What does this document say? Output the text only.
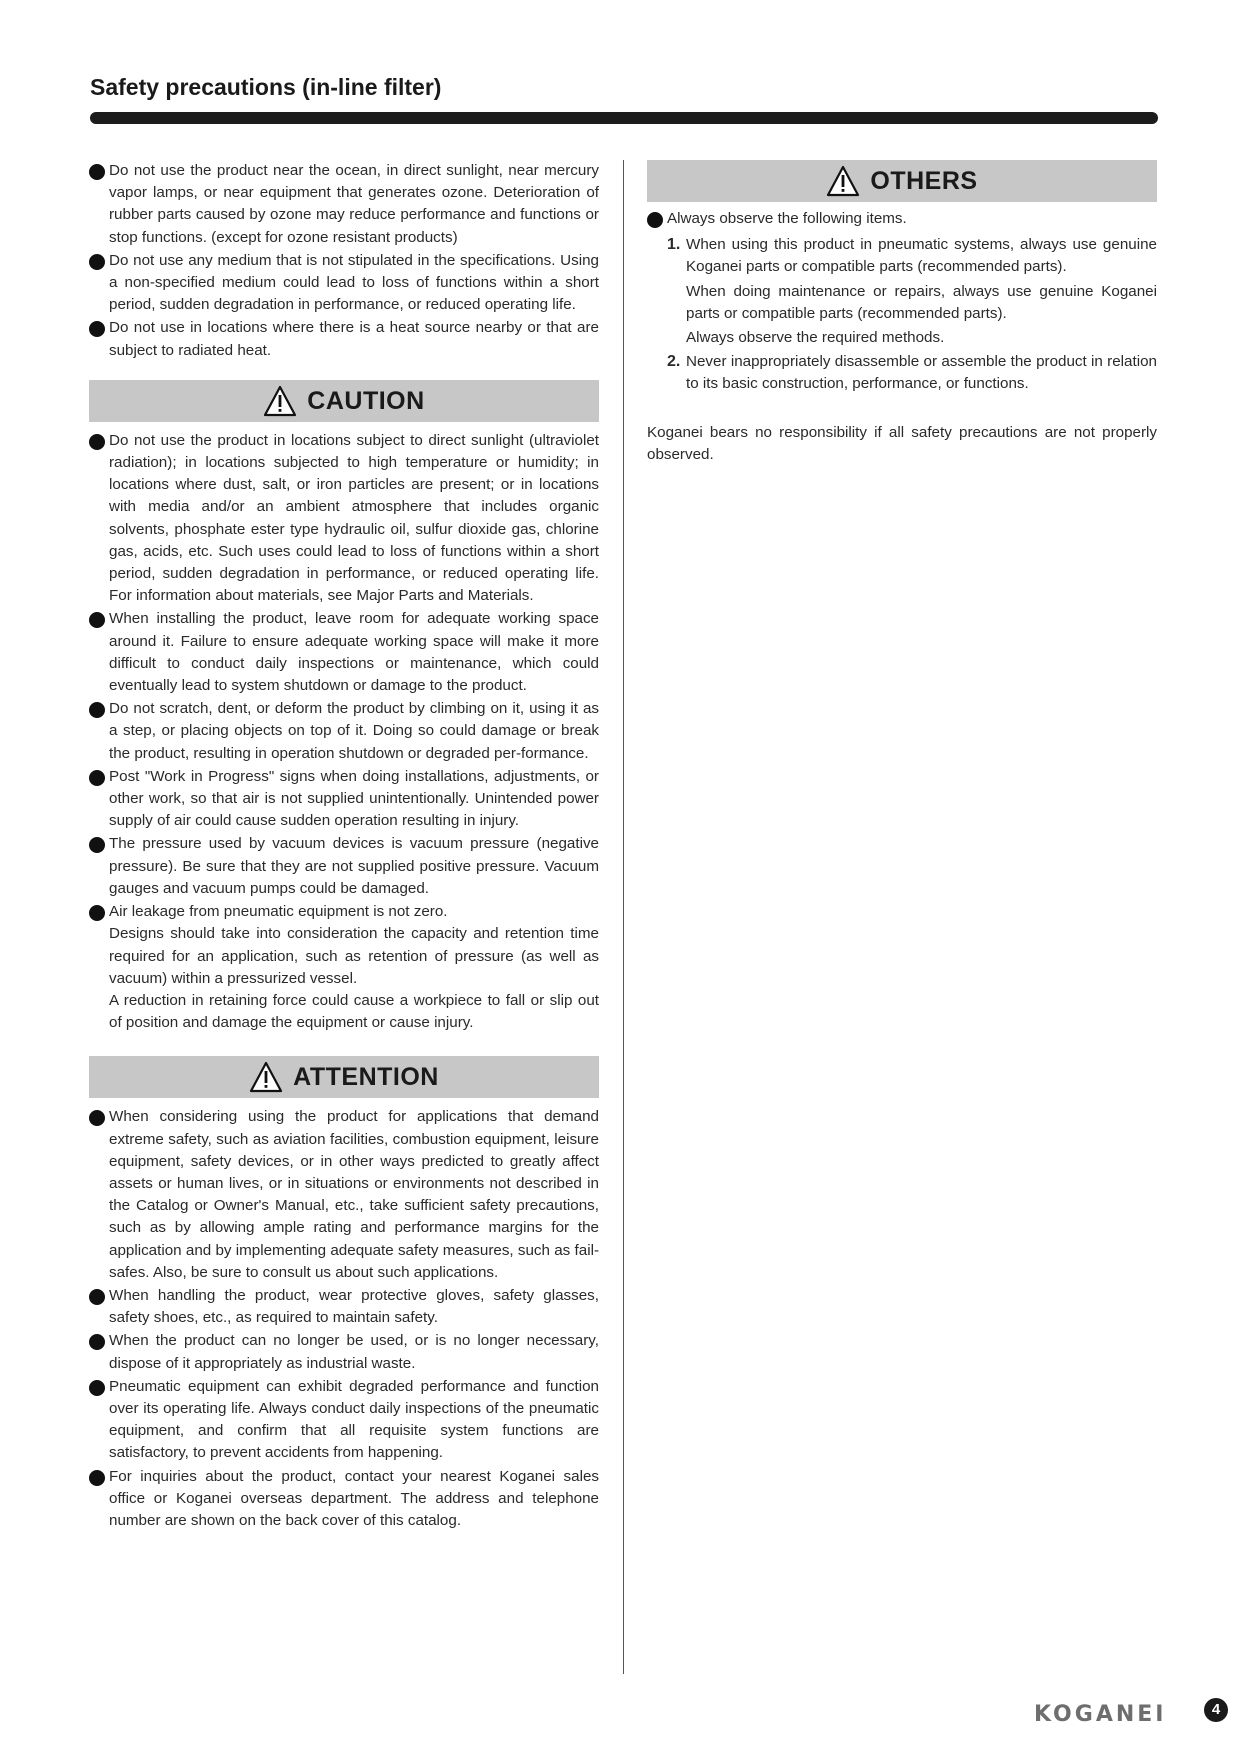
Safety precautions (in-line filter)

Do not use the product near the ocean, in direct sunlight, near mercury vapor lamps, or near equipment that generates ozone. Deterioration of rubber parts caused by ozone may reduce performance and functions or stop functions. (except for ozone resistant products)

Do not use any medium that is not stipulated in the specifications. Using a non-specified medium could lead to loss of functions within a short period, sudden degradation in performance, or reduced operating life.

Do not use in locations where there is a heat source nearby or that are subject to radiated heat.

CAUTION

Do not use the product in locations subject to direct sunlight (ultraviolet radiation); in locations subjected to high temperature or humidity; in locations where dust, salt, or iron particles are present; or in locations with media and/or an ambient atmosphere that includes organic solvents, phosphate ester type hydraulic oil, sulfur dioxide gas, chlorine gas, acids, etc. Such uses could lead to loss of functions within a short period, sudden degradation in performance, or reduced operating life. For information about materials, see Major Parts and Materials.

When installing the product, leave room for adequate working space around it. Failure to ensure adequate working space will make it more difficult to conduct daily inspections or maintenance, which could eventually lead to system shutdown or damage to the product.

Do not scratch, dent, or deform the product by climbing on it, using it as a step, or placing objects on top of it. Doing so could damage or break the product, resulting in operation shutdown or degraded per-formance.

Post "Work in Progress" signs when doing installations, adjustments, or other work, so that air is not supplied unintentionally. Unintended power supply of air could cause sudden operation resulting in injury.

The pressure used by vacuum devices is vacuum pressure (negative pressure). Be sure that they are not supplied positive pressure. Vacuum gauges and vacuum pumps could be damaged.

Air leakage from pneumatic equipment is not zero.

Designs should take into consideration the capacity and retention time required for an application, such as retention of pressure (as well as vacuum) within a pressurized vessel.

A reduction in retaining force could cause a workpiece to fall or slip out of position and damage the equipment or cause injury.

ATTENTION

When considering using the product for applications that demand extreme safety, such as aviation facilities, combustion equipment, leisure equipment, safety devices, or in other ways predicted to greatly affect assets or human lives, or in situations or environments not described in the Catalog or Owner's Manual, etc., take sufficient safety precautions, such as by allowing ample rating and performance margins for the application and by implementing adequate safety measures, such as fail-safes. Also, be sure to consult us about such applications.

When handling the product, wear protective gloves, safety glasses, safety shoes, etc., as required to maintain safety.

When the product can no longer be used, or is no longer necessary, dispose of it appropriately as industrial waste.

Pneumatic equipment can exhibit degraded performance and function over its operating life. Always conduct daily inspections of the pneumatic equipment, and confirm that all requisite system functions are satisfactory, to prevent accidents from happening.

For inquiries about the product, contact your nearest Koganei sales office or Koganei overseas department. The address and telephone number are shown on the back cover of this catalog.

OTHERS

Always observe the following items.

1. When using this product in pneumatic systems, always use genuine Koganei parts or compatible parts (recommended parts).

When doing maintenance or repairs, always use genuine Koganei parts or compatible parts (recommended parts).

Always observe the required methods.

2. Never inappropriately disassemble or assemble the product in relation to its basic construction, performance, or functions.

Koganei bears no responsibility if all safety precautions are not properly observed.

KOGANEI	4
